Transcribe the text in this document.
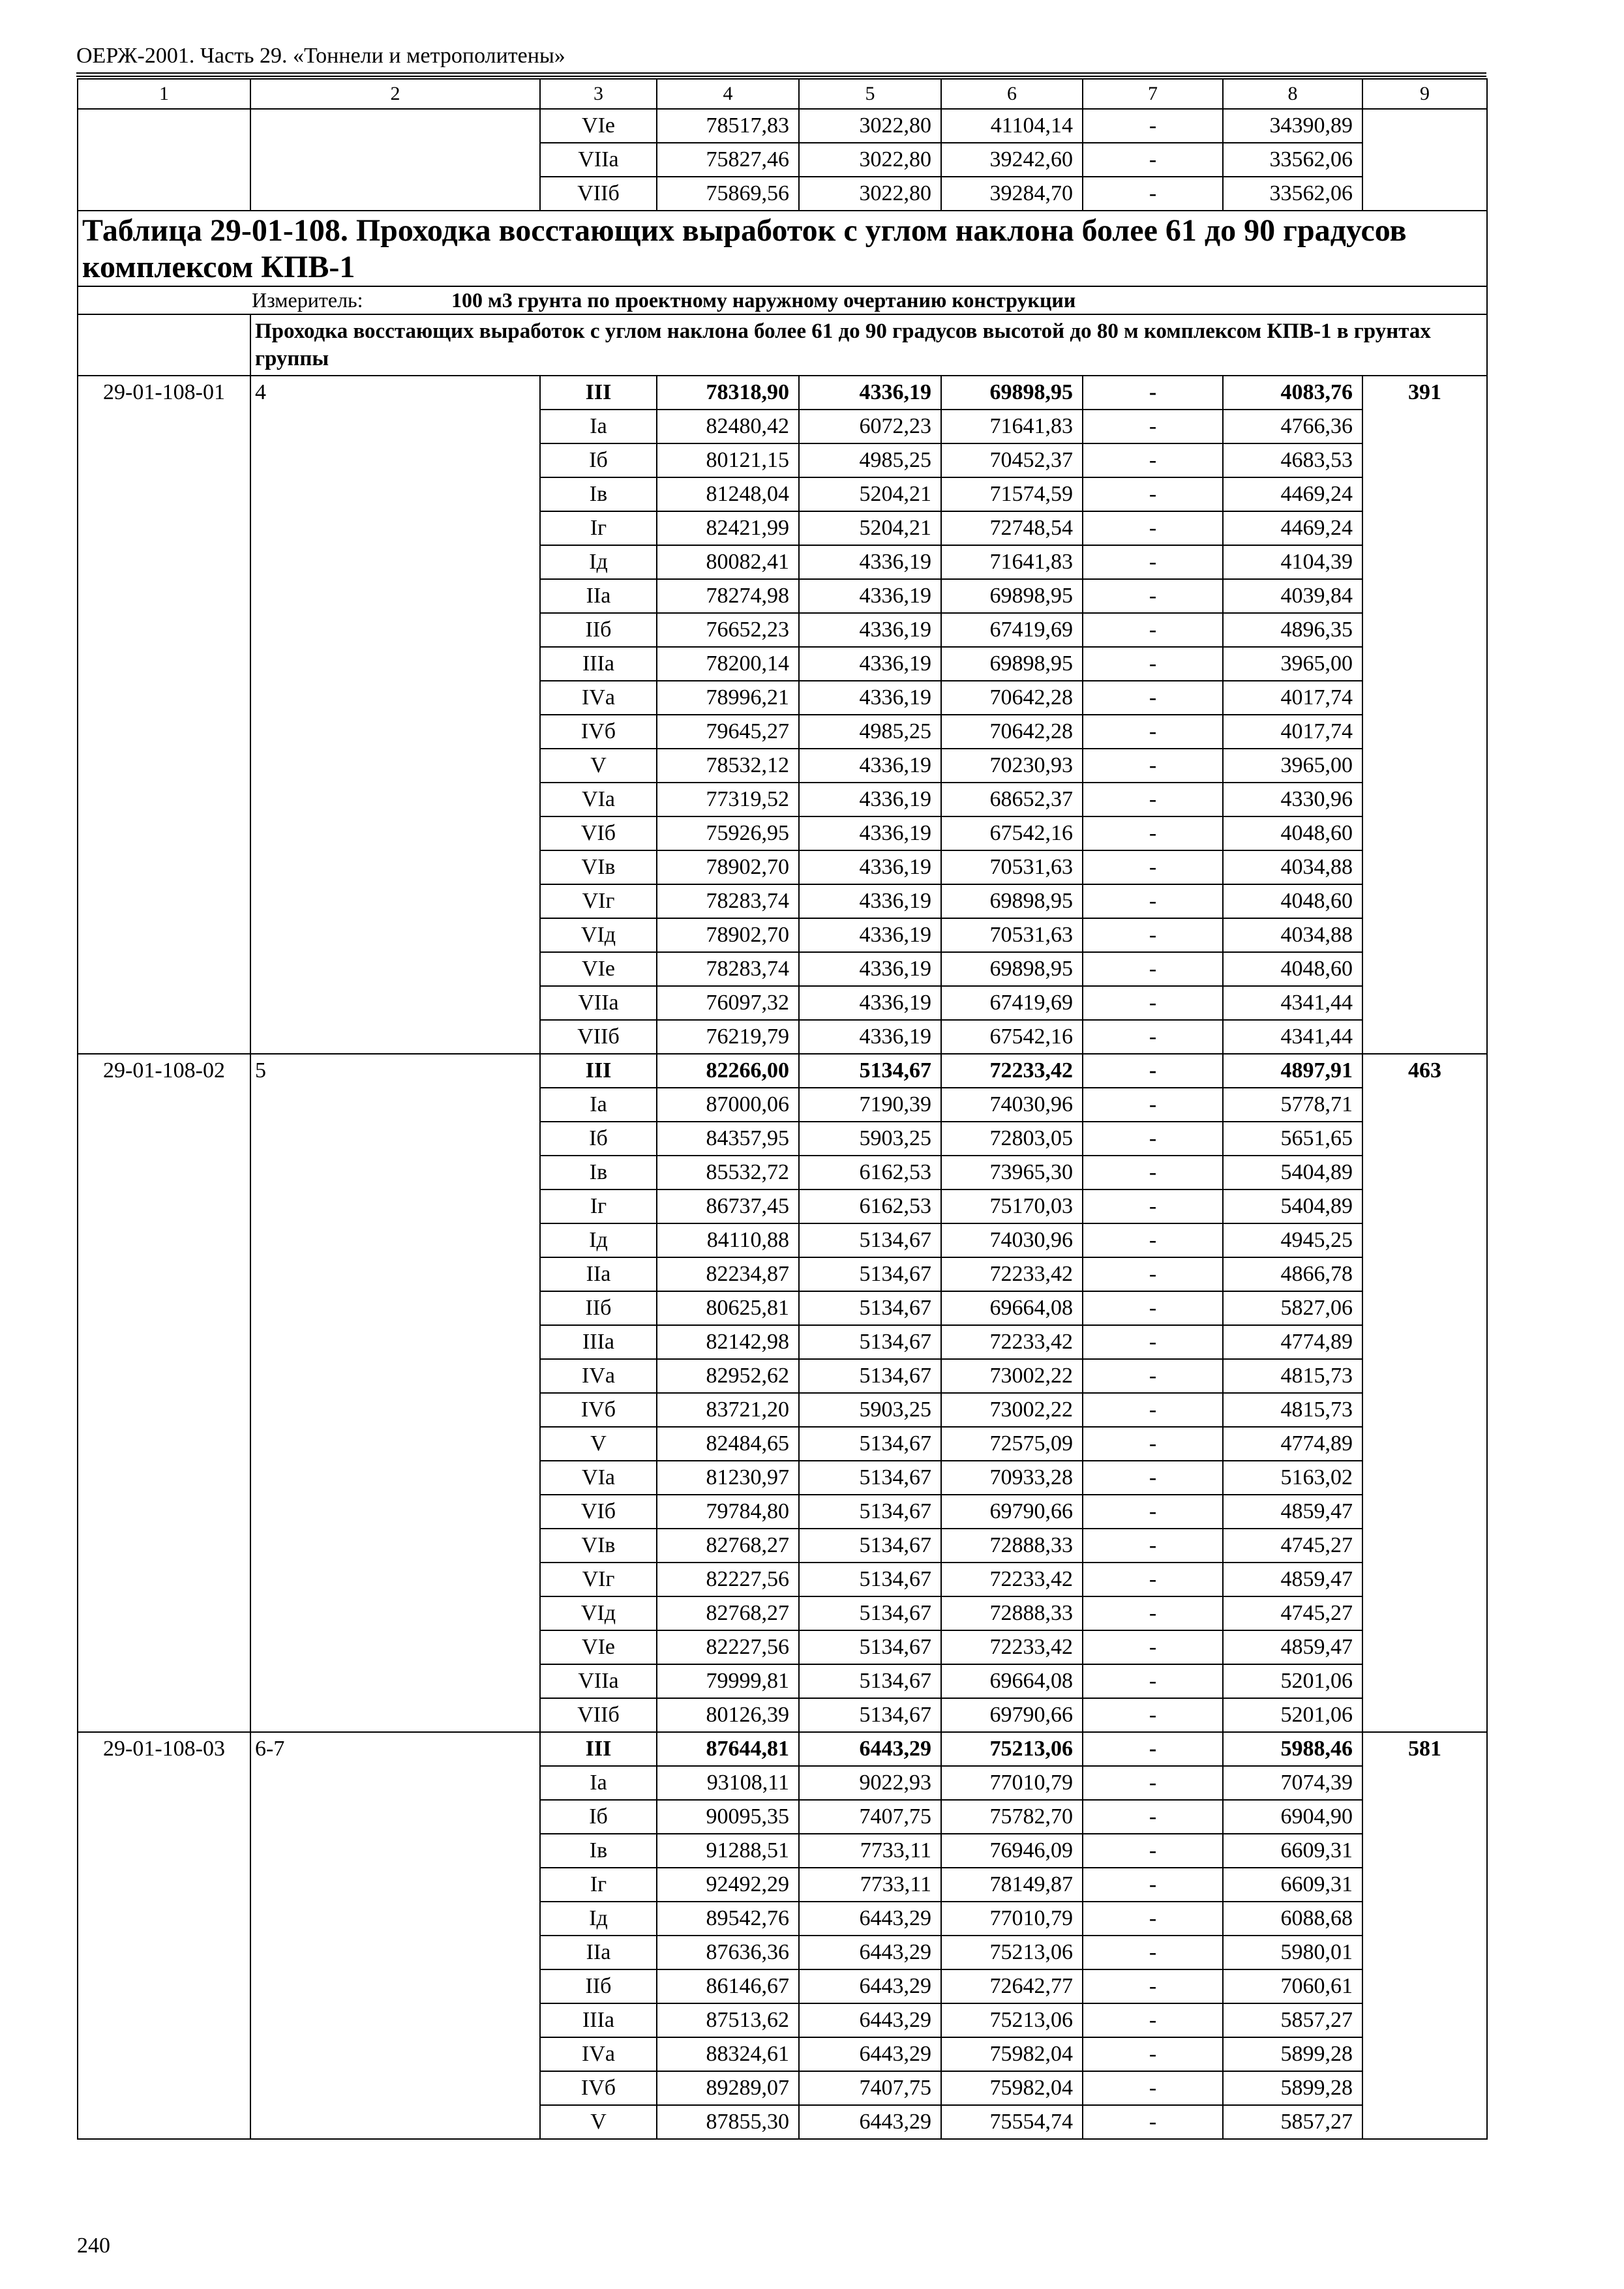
ОЕРЖ-2001. Часть 29. «Тоннели и метрополитены»
1	2	3	4	5	6	7	8	9
		VIе	78517,83	3022,80	41104,14	-	34390,89	
		VIIа	75827,46	3022,80	39242,60	-	33562,06	
		VIIб	75869,56	3022,80	39284,70	-	33562,06	
Таблица 29-01-108. Проходка восстающих выработок с углом наклона более 61 до 90 градусов комплексом КПВ-1								
Измеритель: 100 м3 грунта по проектному наружному очертанию конструкции								
	Проходка восстающих выработок с углом наклона более 61 до 90 градусов высотой до 80 м комплексом КПВ-1 в грунтах группы							
29-01-108-01	4	III	78318,90	4336,19	69898,95	-	4083,76	391
		Iа	82480,42	6072,23	71641,83	-	4766,36	
		Iб	80121,15	4985,25	70452,37	-	4683,53	
		Iв	81248,04	5204,21	71574,59	-	4469,24	
		Iг	82421,99	5204,21	72748,54	-	4469,24	
		Iд	80082,41	4336,19	71641,83	-	4104,39	
		IIа	78274,98	4336,19	69898,95	-	4039,84	
		IIб	76652,23	4336,19	67419,69	-	4896,35	
		IIIа	78200,14	4336,19	69898,95	-	3965,00	
		IVа	78996,21	4336,19	70642,28	-	4017,74	
		IVб	79645,27	4985,25	70642,28	-	4017,74	
		V	78532,12	4336,19	70230,93	-	3965,00	
		VIа	77319,52	4336,19	68652,37	-	4330,96	
		VIб	75926,95	4336,19	67542,16	-	4048,60	
		VIв	78902,70	4336,19	70531,63	-	4034,88	
		VIг	78283,74	4336,19	69898,95	-	4048,60	
		VIд	78902,70	4336,19	70531,63	-	4034,88	
		VIе	78283,74	4336,19	69898,95	-	4048,60	
		VIIа	76097,32	4336,19	67419,69	-	4341,44	
		VIIб	76219,79	4336,19	67542,16	-	4341,44	
29-01-108-02	5	III	82266,00	5134,67	72233,42	-	4897,91	463
		Iа	87000,06	7190,39	74030,96	-	5778,71	
		Iб	84357,95	5903,25	72803,05	-	5651,65	
		Iв	85532,72	6162,53	73965,30	-	5404,89	
		Iг	86737,45	6162,53	75170,03	-	5404,89	
		Iд	84110,88	5134,67	74030,96	-	4945,25	
		IIа	82234,87	5134,67	72233,42	-	4866,78	
		IIб	80625,81	5134,67	69664,08	-	5827,06	
		IIIа	82142,98	5134,67	72233,42	-	4774,89	
		IVа	82952,62	5134,67	73002,22	-	4815,73	
		IVб	83721,20	5903,25	73002,22	-	4815,73	
		V	82484,65	5134,67	72575,09	-	4774,89	
		VIа	81230,97	5134,67	70933,28	-	5163,02	
		VIб	79784,80	5134,67	69790,66	-	4859,47	
		VIв	82768,27	5134,67	72888,33	-	4745,27	
		VIг	82227,56	5134,67	72233,42	-	4859,47	
		VIд	82768,27	5134,67	72888,33	-	4745,27	
		VIе	82227,56	5134,67	72233,42	-	4859,47	
		VIIа	79999,81	5134,67	69664,08	-	5201,06	
		VIIб	80126,39	5134,67	69790,66	-	5201,06	
29-01-108-03	6-7	III	87644,81	6443,29	75213,06	-	5988,46	581
		Iа	93108,11	9022,93	77010,79	-	7074,39	
		Iб	90095,35	7407,75	75782,70	-	6904,90	
		Iв	91288,51	7733,11	76946,09	-	6609,31	
		Iг	92492,29	7733,11	78149,87	-	6609,31	
		Iд	89542,76	6443,29	77010,79	-	6088,68	
		IIа	87636,36	6443,29	75213,06	-	5980,01	
		IIб	86146,67	6443,29	72642,77	-	7060,61	
		IIIа	87513,62	6443,29	75213,06	-	5857,27	
		IVа	88324,61	6443,29	75982,04	-	5899,28	
		IVб	89289,07	7407,75	75982,04	-	5899,28	
		V	87855,30	6443,29	75554,74	-	5857,27	
240
